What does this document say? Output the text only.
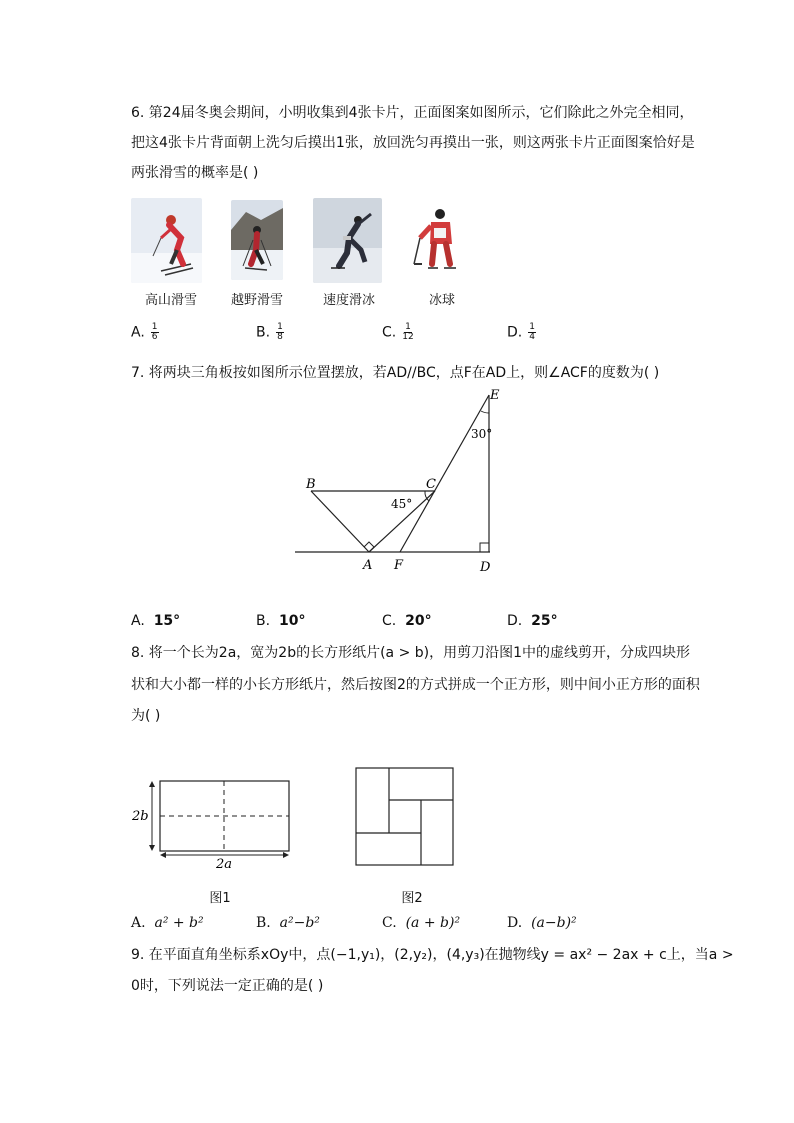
6. 第24届冬奥会期间，小明收集到4张卡片，正面图案如图所示，它们除此之外完全相同，
把这4张卡片背面朝上洗匀后摸出1张，放回洗匀再摸出一张，则这两张卡片正面图案恰好是
两张滑雪的概率是( )
高山滑雪	越野滑雪	速度滑冰	冰球
A. $\frac{1}{6}$	B. $\frac{1}{8}$	C. $\frac{1}{12}$	D. $\frac{1}{4}$
7. 将两块三角板按如图所示位置摆放，若AD//BC，点F在AD上，则∠ACF的度数为( )
E
30°
B	C
45°
A F	D
A. 15°	B. 10°	C. 20°	D. 25°
8. 将一个长为2a，宽为2b的长方形纸片(a > b)，用剪刀沿图1中的虚线剪开，分成四块形
状和大小都一样的小长方形纸片，然后按图2的方式拼成一个正方形，则中间小正方形的面积
为( )
2b
2a
图1	图2
A. a² + b²	B. a²−b²	C. (a + b)²	D. (a−b)²
9. 在平面直角坐标系xOy中，点(−1,y₁)，(2,y₂)，(4,y₃)在抛物线y = ax² − 2ax + c上，当a >
0时，下列说法一定正确的是( )
